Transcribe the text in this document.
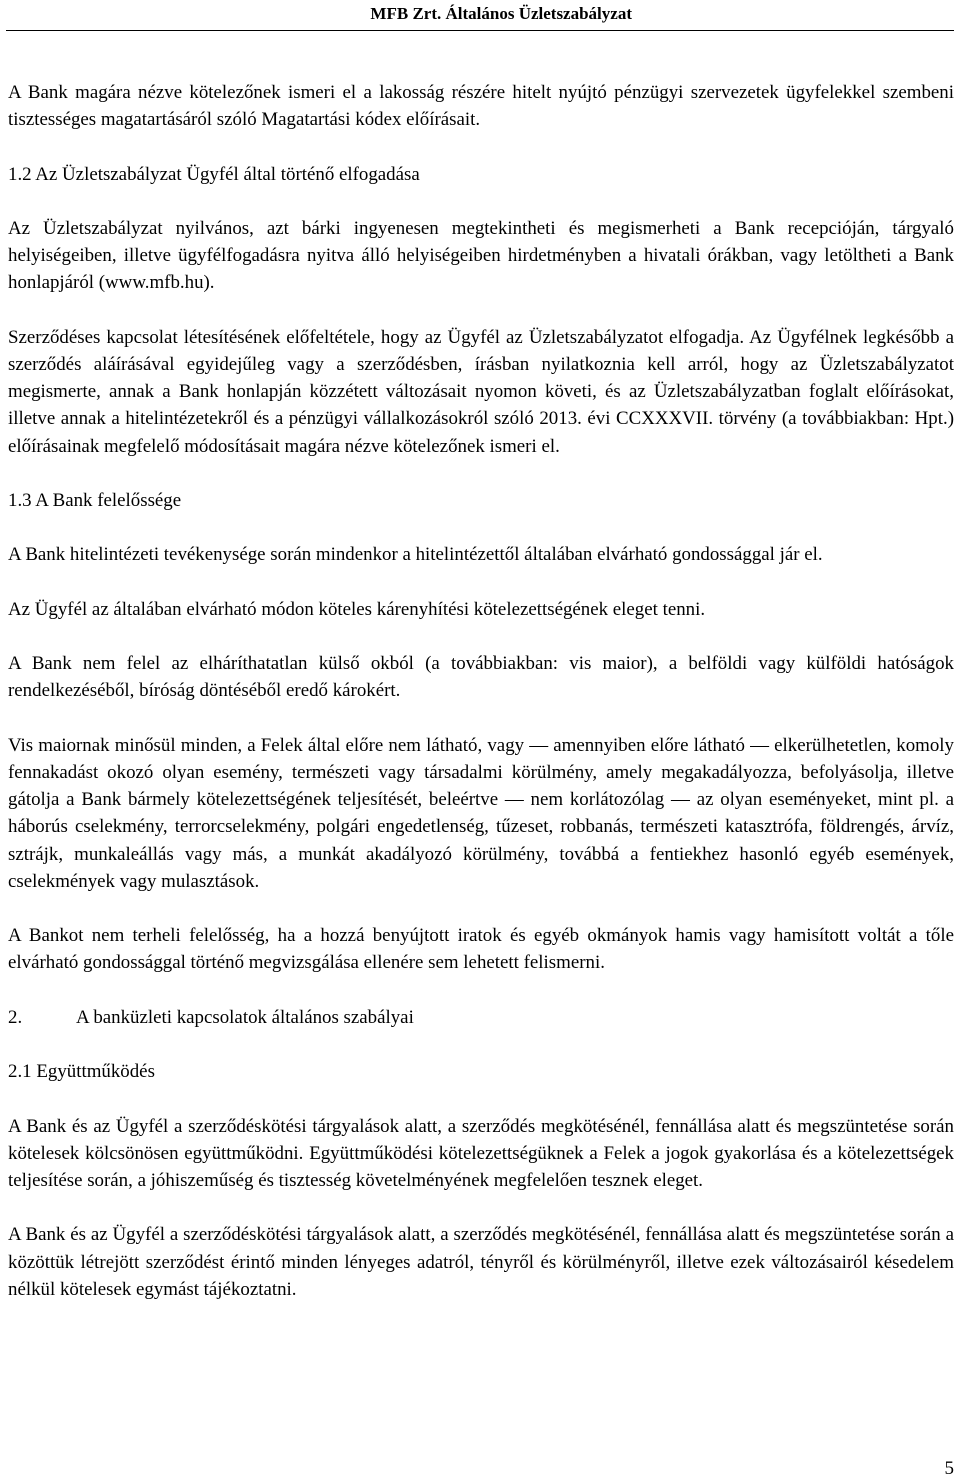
MFB Zrt. Általános Üzletszabályzat

A Bank magára nézve kötelezőnek ismeri el a lakosság részére hitelt nyújtó pénzügyi szervezetek ügyfelekkel szembeni tisztességes magatartásáról szóló Magatartási kódex előírásait.

1.2 Az Üzletszabályzat Ügyfél által történő elfogadása

Az Üzletszabályzat nyilvános, azt bárki ingyenesen megtekintheti és megismerheti a Bank recepcióján, tárgyaló helyiségeiben, illetve ügyfélfogadásra nyitva álló helyiségeiben hirdetményben a hivatali órákban, vagy letöltheti a Bank honlapjáról (www.mfb.hu).

Szerződéses kapcsolat létesítésének előfeltétele, hogy az Ügyfél az Üzletszabályzatot elfogadja. Az Ügyfélnek legkésőbb a szerződés aláírásával egyidejűleg vagy a szerződésben, írásban nyilatkoznia kell arról, hogy az Üzletszabályzatot megismerte, annak a Bank honlapján közzétett változásait nyomon követi, és az Üzletszabályzatban foglalt előírásokat, illetve annak a hitelintézetekről és a pénzügyi vállalkozásokról szóló 2013. évi CCXXXVII. törvény (a továbbiakban: Hpt.) előírásainak megfelelő módosításait magára nézve kötelezőnek ismeri el.

1.3 A Bank felelőssége

A Bank hitelintézeti tevékenysége során mindenkor a hitelintézettől általában elvárható gondossággal jár el.

Az Ügyfél az általában elvárható módon köteles kárenyhítési kötelezettségének eleget tenni.

A Bank nem felel az elháríthatatlan külső okból (a továbbiakban: vis maior), a belföldi vagy külföldi hatóságok rendelkezéséből, bíróság döntéséből eredő károkért.

Vis maiornak minősül minden, a Felek által előre nem látható, vagy ― amennyiben előre látható ― elkerülhetetlen, komoly fennakadást okozó olyan esemény, természeti vagy társadalmi körülmény, amely megakadályozza, befolyásolja, illetve gátolja a Bank bármely kötelezettségének teljesítését, beleértve ― nem korlátozólag ― az olyan eseményeket, mint pl. a háborús cselekmény, terrorcselekmény, polgári engedetlenség, tűzeset, robbanás, természeti katasztrófa, földrengés, árvíz, sztrájk, munkaleállás vagy más, a munkát akadályozó körülmény, továbbá a fentiekhez hasonló egyéb események, cselekmények vagy mulasztások.

A Bankot nem terheli felelősség, ha a hozzá benyújtott iratok és egyéb okmányok hamis vagy hamisított voltát a tőle elvárható gondossággal történő megvizsgálása ellenére sem lehetett felismerni.

2.	A banküzleti kapcsolatok általános szabályai

2.1 Együttműködés

A Bank és az Ügyfél a szerződéskötési tárgyalások alatt, a szerződés megkötésénél, fennállása alatt és megszüntetése során kötelesek kölcsönösen együttműködni. Együttműködési kötelezettségüknek a Felek a jogok gyakorlása és a kötelezettségek teljesítése során, a jóhiszeműség és tisztesség követelményének megfelelően tesznek eleget.

A Bank és az Ügyfél a szerződéskötési tárgyalások alatt, a szerződés megkötésénél, fennállása alatt és megszüntetése során a közöttük létrejött szerződést érintő minden lényeges adatról, tényről és körülményről, illetve ezek változásairól késedelem nélkül kötelesek egymást tájékoztatni.

5
